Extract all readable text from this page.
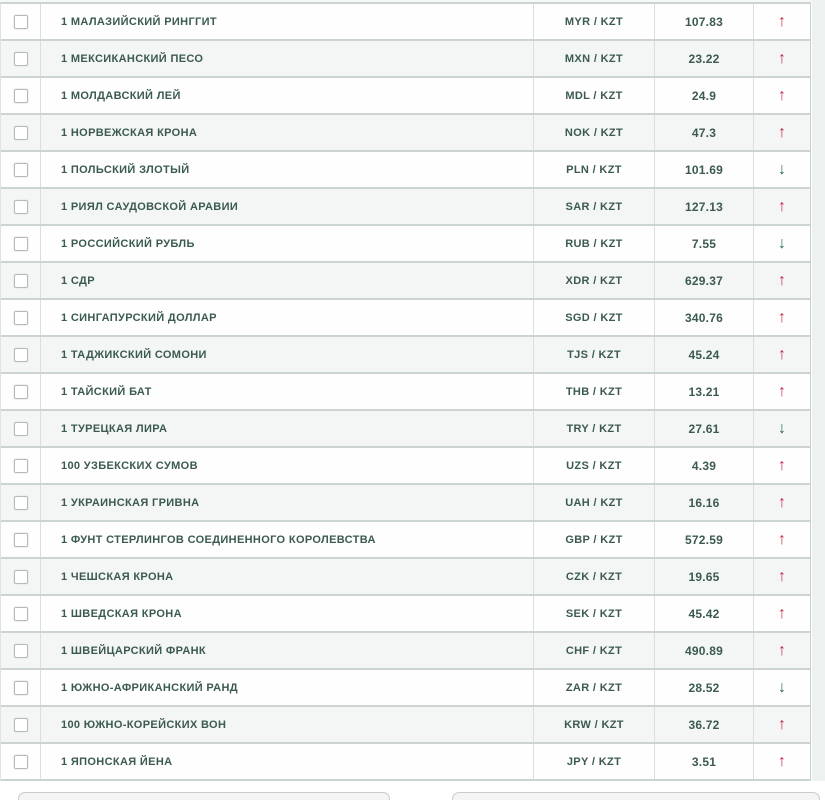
1 МАЛАЗИЙСКИЙ РИНГГИТ	MYR / KZT	107.83	↑
1 МЕКСИКАНСКИЙ ПЕСО	MXN / KZT	23.22	↑
1 МОЛДАВСКИЙ ЛЕЙ	MDL / KZT	24.9	↑
1 НОРВЕЖСКАЯ КРОНА	NOK / KZT	47.3	↑
1 ПОЛЬСКИЙ ЗЛОТЫЙ	PLN / KZT	101.69	↓
1 РИЯЛ САУДОВСКОЙ АРАВИИ	SAR / KZT	127.13	↑
1 РОССИЙСКИЙ РУБЛЬ	RUB / KZT	7.55	↓
1 СДР	XDR / KZT	629.37	↑
1 СИНГАПУРСКИЙ ДОЛЛАР	SGD / KZT	340.76	↑
1 ТАДЖИКСКИЙ СОМОНИ	TJS / KZT	45.24	↑
1 ТАЙСКИЙ БАТ	THB / KZT	13.21	↑
1 ТУРЕЦКАЯ ЛИРА	TRY / KZT	27.61	↓
100 УЗБЕКСКИХ СУМОВ	UZS / KZT	4.39	↑
1 УКРАИНСКАЯ ГРИВНА	UAH / KZT	16.16	↑
1 ФУНТ СТЕРЛИНГОВ СОЕДИНЕННОГО КОРОЛЕВСТВА	GBP / KZT	572.59	↑
1 ЧЕШСКАЯ КРОНА	CZK / KZT	19.65	↑
1 ШВЕДСКАЯ КРОНА	SEK / KZT	45.42	↑
1 ШВЕЙЦАРСКИЙ ФРАНК	CHF / KZT	490.89	↑
1 ЮЖНО-АФРИКАНСКИЙ РАНД	ZAR / KZT	28.52	↓
100 ЮЖНО-КОРЕЙСКИХ ВОН	KRW / KZT	36.72	↑
1 ЯПОНСКАЯ ЙЕНА	JPY / KZT	3.51	↑
